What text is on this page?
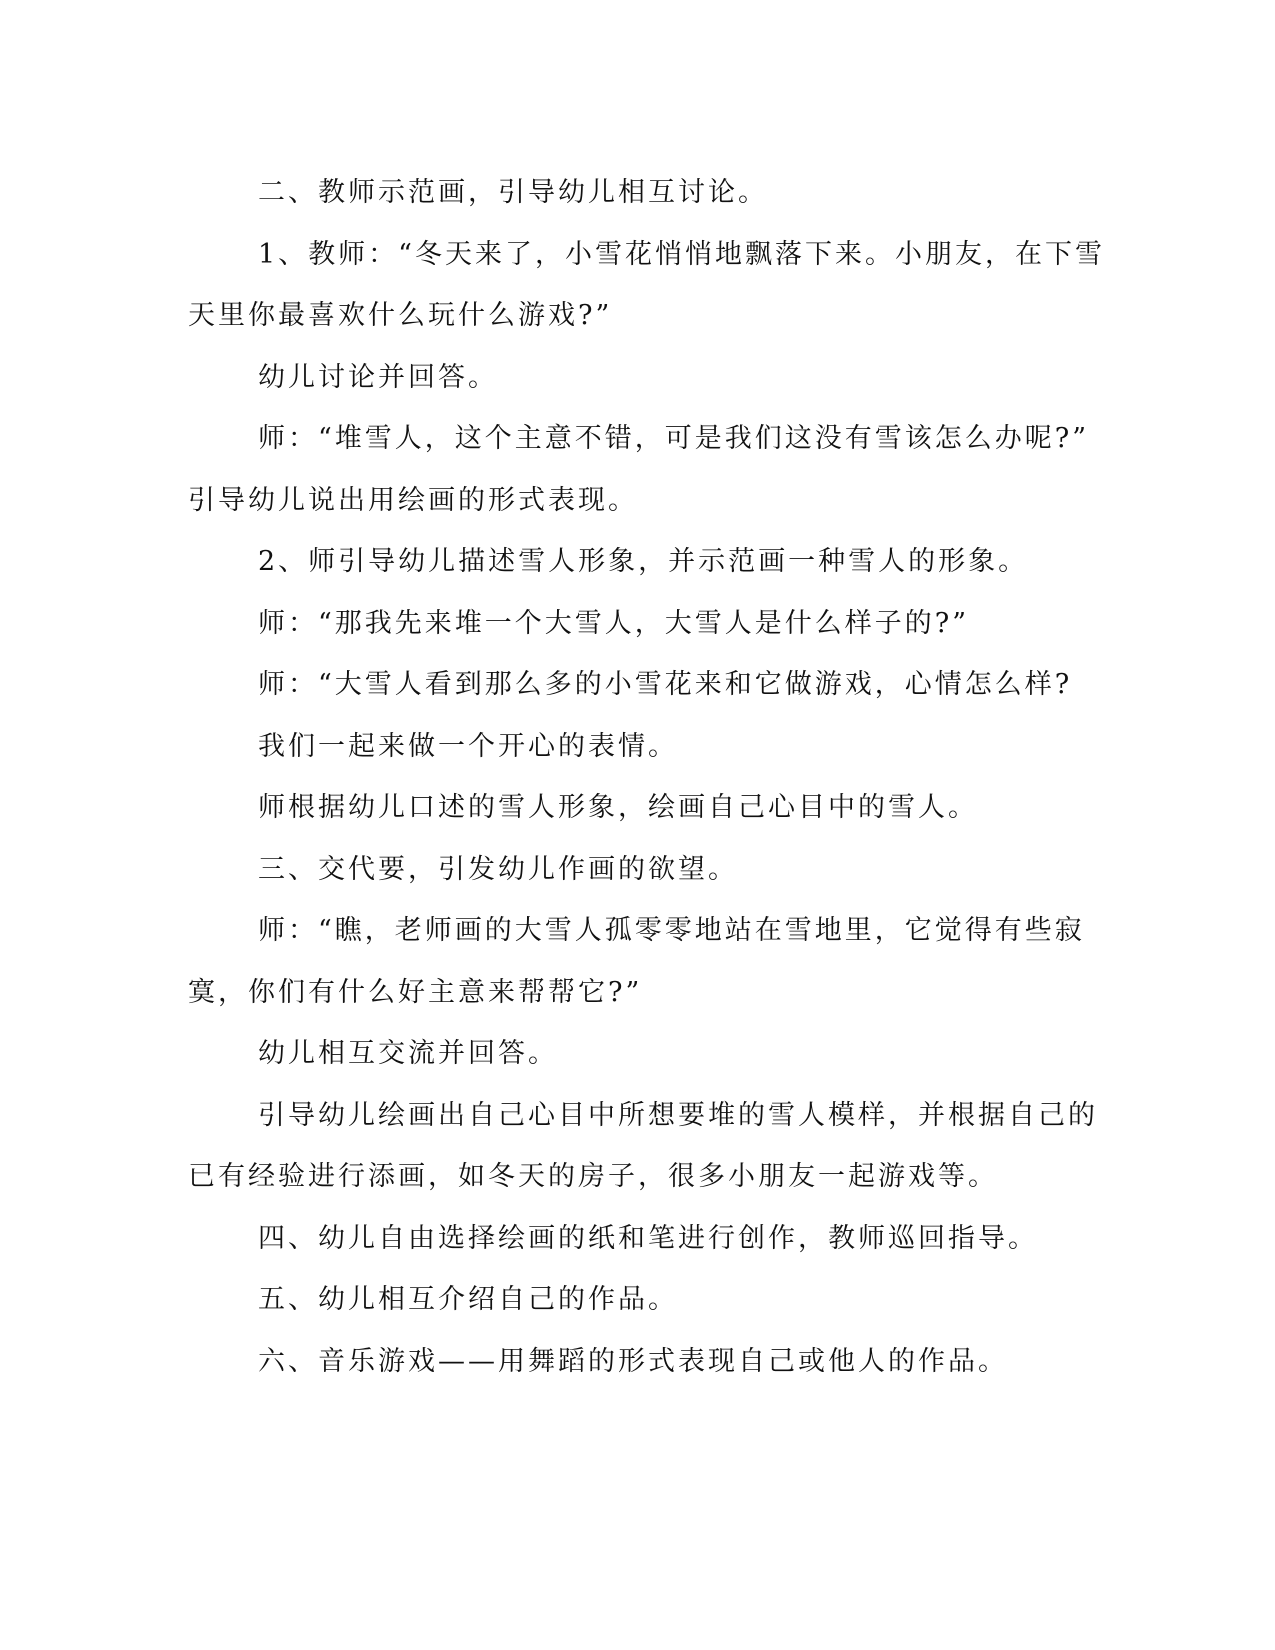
二、教师示范画，引导幼儿相互讨论。

1、教师：“冬天来了，小雪花悄悄地飘落下来。小朋友，在下雪
天里你最喜欢什么玩什么游戏?”

幼儿讨论并回答。

师：“堆雪人，这个主意不错，可是我们这没有雪该怎么办呢?”
引导幼儿说出用绘画的形式表现。

2、师引导幼儿描述雪人形象，并示范画一种雪人的形象。

师：“那我先来堆一个大雪人，大雪人是什么样子的?”

师：“大雪人看到那么多的小雪花来和它做游戏，心情怎么样?

我们一起来做一个开心的表情。

师根据幼儿口述的雪人形象，绘画自己心目中的雪人。

三、交代要，引发幼儿作画的欲望。

师：“瞧，老师画的大雪人孤零零地站在雪地里，它觉得有些寂
寞，你们有什么好主意来帮帮它?”

幼儿相互交流并回答。

引导幼儿绘画出自己心目中所想要堆的雪人模样，并根据自己的
已有经验进行添画，如冬天的房子，很多小朋友一起游戏等。

四、幼儿自由选择绘画的纸和笔进行创作，教师巡回指导。

五、幼儿相互介绍自己的作品。

六、音乐游戏——用舞蹈的形式表现自己或他人的作品。
